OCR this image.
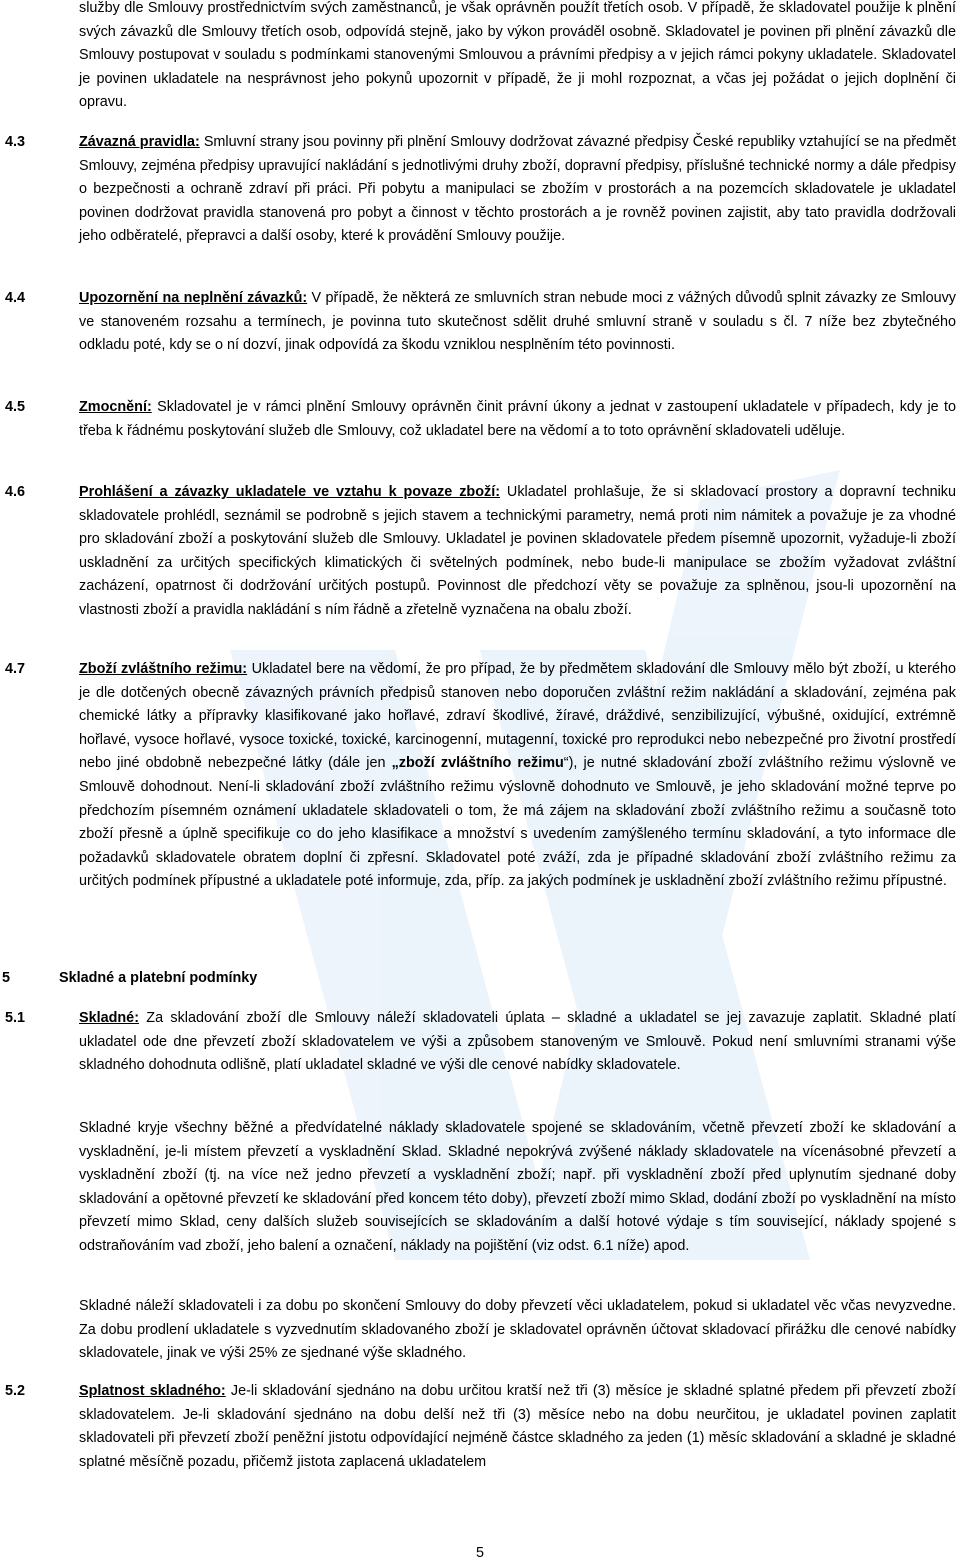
služby dle Smlouvy prostřednictvím svých zaměstnanců, je však oprávněn použít třetích osob. V případě, že skladovatel použije k plnění svých závazků dle Smlouvy třetích osob, odpovídá stejně, jako by výkon prováděl osobně. Skladovatel je povinen při plnění závazků dle Smlouvy postupovat v souladu s podmínkami stanovenými Smlouvou a právními předpisy a v jejich rámci pokyny ukladatele. Skladovatel je povinen ukladatele na nesprávnost jeho pokynů upozornit v případě, že ji mohl rozpoznat, a včas jej požádat o jejich doplnění či opravu.

4.3	Závazná pravidla: Smluvní strany jsou povinny při plnění Smlouvy dodržovat závazné předpisy České republiky vztahující se na předmět Smlouvy, zejména předpisy upravující nakládání s jednotlivými druhy zboží, dopravní předpisy, příslušné technické normy a dále předpisy o bezpečnosti a ochraně zdraví při práci. Při pobytu a manipulaci se zbožím v prostorách a na pozemcích skladovatele je ukladatel povinen dodržovat pravidla stanovená pro pobyt a činnost v těchto prostorách a je rovněž povinen zajistit, aby tato pravidla dodržovali jeho odběratelé, přepravci a další osoby, které k provádění Smlouvy použije.

4.4	Upozornění na neplnění závazků: V případě, že některá ze smluvních stran nebude moci z vážných důvodů splnit závazky ze Smlouvy ve stanoveném rozsahu a termínech, je povinna tuto skutečnost sdělit druhé smluvní straně v souladu s čl. 7 níže bez zbytečného odkladu poté, kdy se o ní dozví, jinak odpovídá za škodu vzniklou nesplněním této povinnosti.

4.5	Zmocnění: Skladovatel je v rámci plnění Smlouvy oprávněn činit právní úkony a jednat v zastoupení ukladatele v případech, kdy je to třeba k řádnému poskytování služeb dle Smlouvy, což ukladatel bere na vědomí a to toto oprávnění skladovateli uděluje.

4.6	Prohlášení a závazky ukladatele ve vztahu k povaze zboží: Ukladatel prohlašuje, že si skladovací prostory a dopravní techniku skladovatele prohlédl, seznámil se podrobně s jejich stavem a technickými parametry, nemá proti nim námitek a považuje je za vhodné pro skladování zboží a poskytování služeb dle Smlouvy. Ukladatel je povinen skladovatele předem písemně upozornit, vyžaduje-li zboží uskladnění za určitých specifických klimatických či světelných podmínek, nebo bude-li manipulace se zbožím vyžadovat zvláštní zacházení, opatrnost či dodržování určitých postupů. Povinnost dle předchozí věty se považuje za splněnou, jsou-li upozornění na vlastnosti zboží a pravidla nakládání s ním řádně a zřetelně vyznačena na obalu zboží.

4.7	Zboží zvláštního režimu: Ukladatel bere na vědomí, že pro případ, že by předmětem skladování dle Smlouvy mělo být zboží, u kterého je dle dotčených obecně závazných právních předpisů stanoven nebo doporučen zvláštní režim nakládání a skladování, zejména pak chemické látky a přípravky klasifikované jako hořlavé, zdraví škodlivé, žíravé, dráždivé, senzibilizující, výbušné, oxidující, extrémně hořlavé, vysoce hořlavé, vysoce toxické, toxické, karcinogenní, mutagenní, toxické pro reprodukci nebo nebezpečné pro životní prostředí nebo jiné obdobně nebezpečné látky (dále jen „zboží zvláštního režimu“), je nutné skladování zboží zvláštního režimu výslovně ve Smlouvě dohodnout. Není-li skladování zboží zvláštního režimu výslovně dohodnuto ve Smlouvě, je jeho skladování možné teprve po předchozím písemném oznámení ukladatele skladovateli o tom, že má zájem na skladování zboží zvláštního režimu a současně toto zboží přesně a úplně specifikuje co do jeho klasifikace a množství s uvedením zamýšleného termínu skladování, a tyto informace dle požadavků skladovatele obratem doplní či zpřesní. Skladovatel poté zváží, zda je případné skladování zboží zvláštního režimu za určitých podmínek přípustné a ukladatele poté informuje, zda, příp. za jakých podmínek je uskladnění zboží zvláštního režimu přípustné.

5	Skladné a platební podmínky
5.1	Skladné: Za skladování zboží dle Smlouvy náleží skladovateli úplata – skladné a ukladatel se jej zavazuje zaplatit. Skladné platí ukladatel ode dne převzetí zboží skladovatelem ve výši a způsobem stanoveným ve Smlouvě. Pokud není smluvními stranami výše skladného dohodnuta odlišně, platí ukladatel skladné ve výši dle cenové nabídky skladovatele.

Skladné kryje všechny běžné a předvídatelné náklady skladovatele spojené se skladováním, včetně převzetí zboží ke skladování a vyskladnění, je-li místem převzetí a vyskladnění Sklad. Skladné nepokrývá zvýšené náklady skladovatele na vícenásobné převzetí a vyskladnění zboží (tj. na více než jedno převzetí a vyskladnění zboží; např. při vyskladnění zboží před uplynutím sjednané doby skladování a opětovné převzetí ke skladování před koncem této doby), převzetí zboží mimo Sklad, dodání zboží po vyskladnění na místo převzetí mimo Sklad, ceny dalších služeb souvisejících se skladováním a další hotové výdaje s tím související, náklady spojené s odstraňováním vad zboží, jeho balení a označení, náklady na pojištění (viz odst. 6.1 níže) apod.

Skladné náleží skladovateli i za dobu po skončení Smlouvy do doby převzetí věci ukladatelem, pokud si ukladatel věc včas nevyzvedne. Za dobu prodlení ukladatele s vyzvednutím skladovaného zboží je skladovatel oprávněn účtovat skladovací přirážku dle cenové nabídky skladovatele, jinak ve výši 25% ze sjednané výše skladného.

5.2	Splatnost skladného: Je-li skladování sjednáno na dobu určitou kratší než tři (3) měsíce je skladné splatné předem při převzetí zboží skladovatelem. Je-li skladování sjednáno na dobu delší než tři (3) měsíce nebo na dobu neurčitou, je ukladatel povinen zaplatit skladovateli při převzetí zboží peněžní jistotu odpovídající nejméně částce skladného za jeden (1) měsíc skladování a skladné je skladné splatné měsíčně pozadu, přičemž jistota zaplacená ukladatelem

5
